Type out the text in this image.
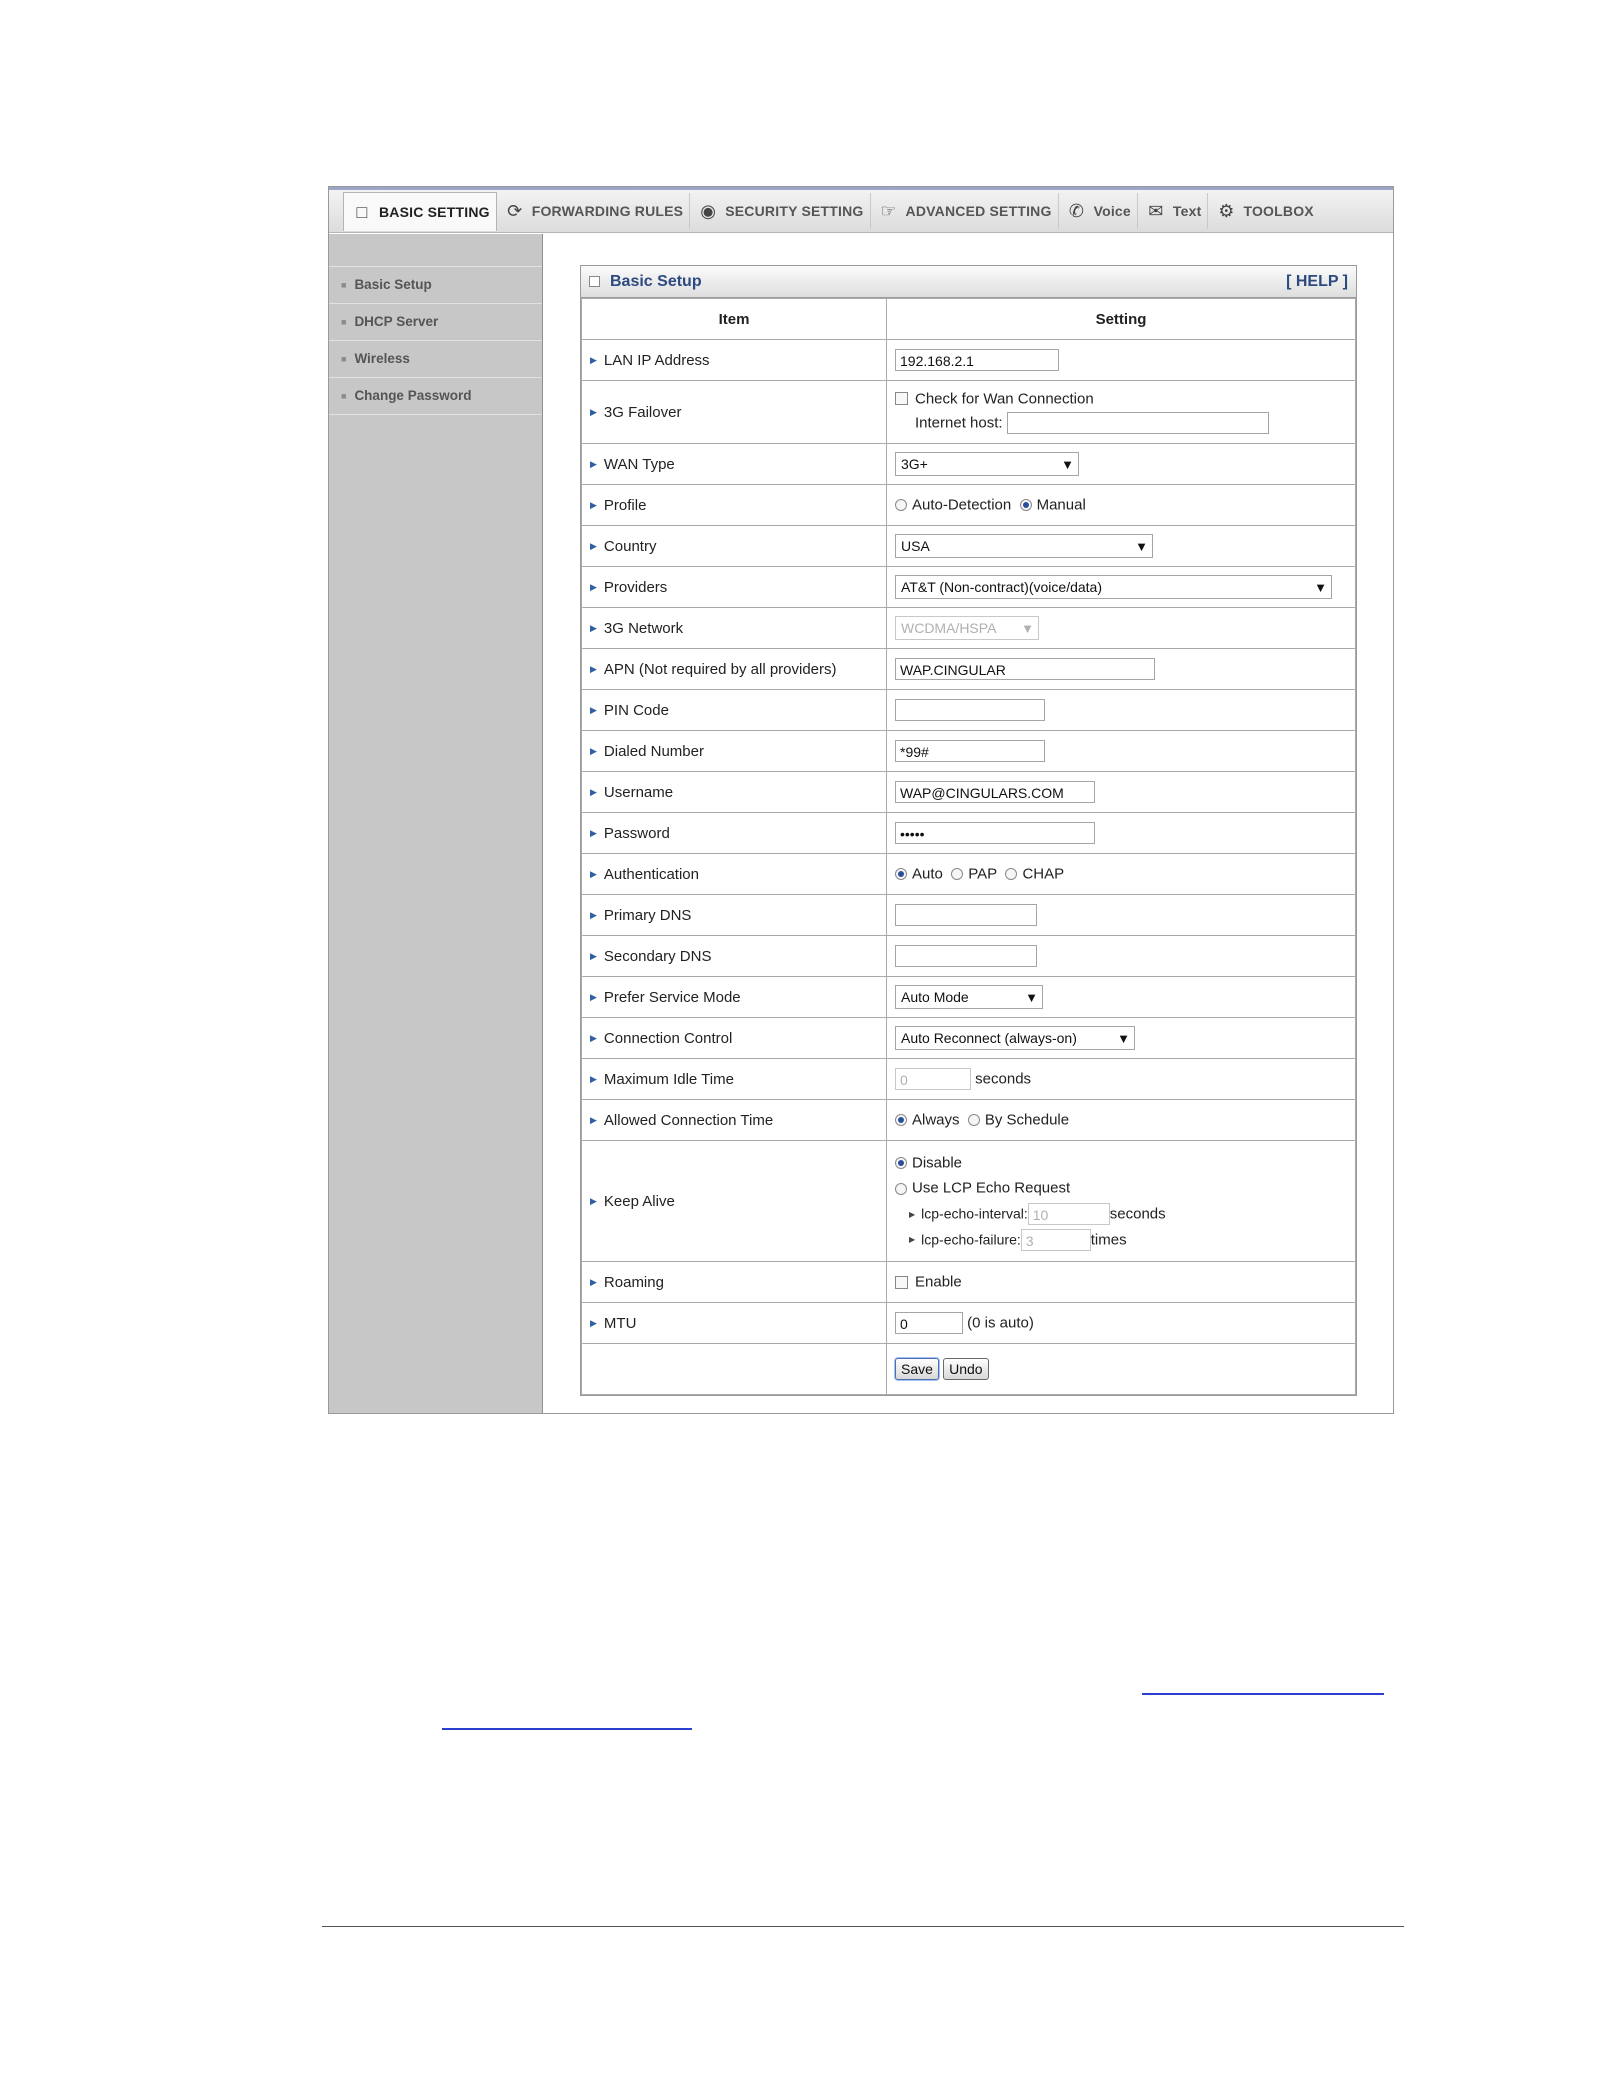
□ BASIC SETTING ⟳ FORWARDING RULES ◉ SECURITY SETTING ☞ ADVANCED SETTING ✆ Voice ✉ Text ⚙ TOOLBOX
■ Basic Setup
■ DHCP Server
■ Wireless
■ Change Password
Basic Setup	[ HELP ]
Item	Setting
▶ LAN IP Address	192.168.2.1
▶ 3G Failover	Check for Wan Connection
Internet host:

▶ WAN Type	3G+ ▼

▶ Profile	Auto-Detection Manual
▶ Country	USA ▼

▶ Providers	AT&T (Non-contract)(voice/data) ▼

▶ 3G Network	WCDMA/HSPA ▼

▶ APN (Not required by all providers)	WAP.CINGULAR
▶ PIN Code	
▶ Dialed Number	*99#
▶ Username	WAP@CINGULARS.COM
▶ Password	•••••
▶ Authentication	Auto PAP CHAP
▶ Primary DNS	
▶ Secondary DNS	
▶ Prefer Service Mode	Auto Mode ▼

▶ Connection Control	Auto Reconnect (always-on) ▼

▶ Maximum Idle Time	0 seconds
▶ Allowed Connection Time	Always By Schedule
▶ Keep Alive	Disable
Use LCP Echo Request
▶ lcp-echo-interval: 10 seconds
▶ lcp-echo-failure: 3 times

▶ Roaming	Enable
▶ MTU	0 (0 is auto)
	Save Undo
